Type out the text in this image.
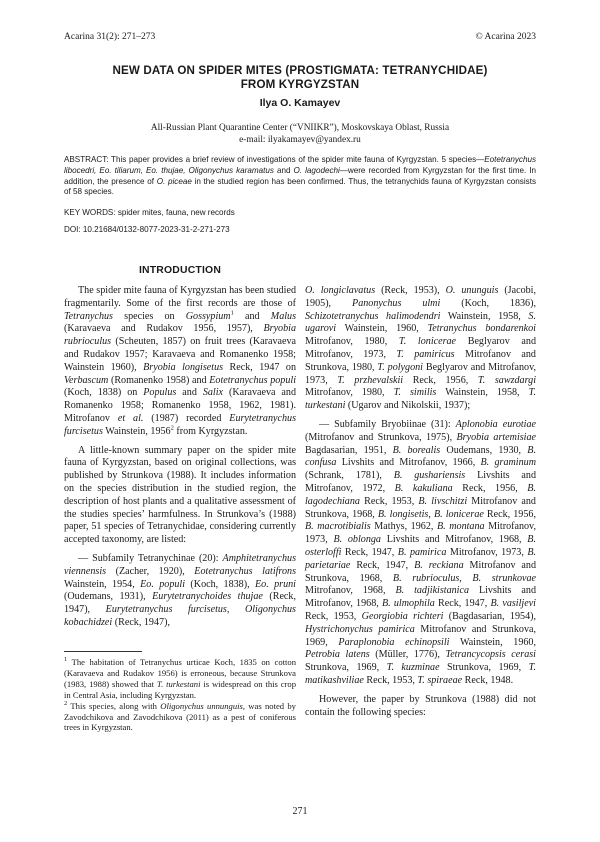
Acarina 31(2): 271–273	© Acarina 2023
NEW DATA ON SPIDER MITES (PROSTIGMATA: TETRANYCHIDAE)
FROM KYRGYZSTAN
Ilya O. Kamayev
All-Russian Plant Quarantine Center (“VNIIKR”), Moskovskaya Oblast, Russia
e-mail: ilyakamayev@yandex.ru
ABSTRACT: This paper provides a brief review of investigations of the spider mite fauna of Kyrgyzstan. 5 species—Eotetranychus libocedri, Eo. tiliarum, Eo. thujae, Oligonychus karamatus and O. lagodechi—were recorded from Kyrgyzstan for the first time. In addition, the presence of O. piceae in the studied region has been confirmed. Thus, the tetranychids fauna of Kyrgyzstan consists of 58 species.
KEY WORDS: spider mites, fauna, new records
DOI: 10.21684/0132-8077-2023-31-2-271-273
INTRODUCTION

The spider mite fauna of Kyrgyzstan has been studied fragmentarily. Some of the first records are those of Tetranychus species on Gossypium$^1$ and Malus (Karavaeva and Rudakov 1956, 1957), Bryobia rubrioculus (Scheuten, 1857) on fruit trees (Karavaeva and Rudakov 1957; Karavaeva and Romanenko 1958; Wainstein 1960), Bryobia longisetus Reck, 1947 on Verbascum (Romanenko 1958) and Eotetranychus populi (Koch, 1838) on Populus and Salix (Karavaeva and Romanenko 1958; Romanenko 1958, 1962, 1981). Mitrofanov et al. (1987) recorded Eurytetranychus furcisetus Wainstein, 1956$^2$ from Kyrgyzstan.

A little-known summary paper on the spider mite fauna of Kyrgyzstan, based on original collections, was published by Strunkova (1988). It includes information on the species distribution in the studied region, the description of host plants and a qualitative assessment of the studies species’ harmfulness. In Strunkova’s (1988) paper, 51 species of Tetranychidae, considering currently accepted taxonomy, are listed:

— Subfamily Tetranychinae (20): Amphitetranychus viennensis (Zacher, 1920), Eotetranychus latifrons Wainstein, 1954, Eo. populi (Koch, 1838), Eo. pruni (Oudemans, 1931), Eurytetranychoides thujae (Reck, 1947), Eurytetranychus furcisetus, Oligonychus kobachidzei (Reck, 1947),

O. longiclavatus (Reck, 1953), O. ununguis (Jacobi, 1905), Panonychus ulmi (Koch, 1836), Schizotetranychus halimodendri Wainstein, 1958, S. ugarovi Wainstein, 1960, Tetranychus bondarenkoi Mitrofanov, 1980, T. lonicerae Beglyarov and Mitrofanov, 1973, T. pamiricus Mitrofanov and Strunkova, 1980, T. polygoni Beglyarov and Mitrofanov, 1973, T. przhevalskii Reck, 1956, T. sawzdargi Mitrofanov, 1980, T. similis Wainstein, 1958, T. turkestani (Ugarov and Nikolskii, 1937);

— Subfamily Bryobiinae (31): Aplonobia eurotiae (Mitrofanov and Strunkova, 1975), Bryobia artemisiae Bagdasarian, 1951, B. borealis Oudemans, 1930, B. confusa Livshits and Mitrofanov, 1966, B. graminum (Schrank, 1781), B. gushariensis Livshits and Mitrofanov, 1972, B. kakuliana Reck, 1956, B. lagodechiana Reck, 1953, B. livschitzi Mitrofanov and Strunkova, 1968, B. longisetis, B. lonicerae Reck, 1956, B. macrotibialis Mathys, 1962, B. montana Mitrofanov, 1973, B. oblonga Livshits and Mitrofanov, 1968, B. osterloffi Reck, 1947, B. pamirica Mitrofanov, 1973, B. parietariae Reck, 1947, B. reckiana Mitrofanov and Strunkova, 1968, B. rubrioculus, B. strunkovae Mitrofanov, 1968, B. tadjikistanica Livshits and Mitrofanov, 1968, B. ulmophila Reck, 1947, B. vasiljevi Reck, 1953, Georgiobia richteri (Bagdasarian, 1954), Hystrichonychus pamirica Mitrofanov and Strunkova, 1969, Paraplonobia echinopsili Wainstein, 1960, Petrobia latens (Müller, 1776), Tetrancycopsis cerasi Strunkova, 1969, T. kuzminae Strunkova, 1969, T. matikashviliae Reck, 1953, T. spiraeae Reck, 1948.

However, the paper by Strunkova (1988) did not contain the following species:

$^1$ The habitation of Tetranychus urticae Koch, 1835 on cotton (Karavaeva and Rudakov 1956) is erroneous, because Strunkova (1983, 1988) showed that T. turkestani is widespread on this crop in Central Asia, including Kyrgyzstan.

$^2$ This species, along with Oligonychus unnunguis, was noted by Zavodchikova and Zavodchikova (2011) as a pest of coniferous trees in Kyrgyzstan.

271
